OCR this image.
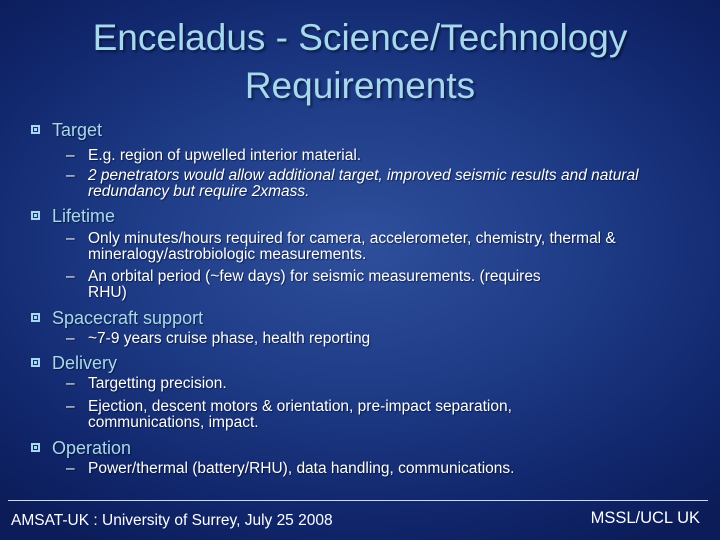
Enceladus - Science/Technology
Requirements
Target
– E.g. region of upwelled interior material.
– 2 penetrators would allow additional target, improved seismic results and natural redundancy but require 2xmass.
Lifetime
– Only minutes/hours required for camera, accelerometer, chemistry, thermal & mineralogy/astrobiologic measurements.
– An orbital period (~few days) for seismic measurements. (requires RHU)
Spacecraft support
– ~7-9 years cruise phase, health reporting
Delivery
– Targetting precision.
– Ejection, descent motors & orientation, pre-impact separation, communications, impact.
Operation
– Power/thermal (battery/RHU), data handling, communications.
AMSAT-UK : University of Surrey, July 25 2008	MSSL/UCL UK
